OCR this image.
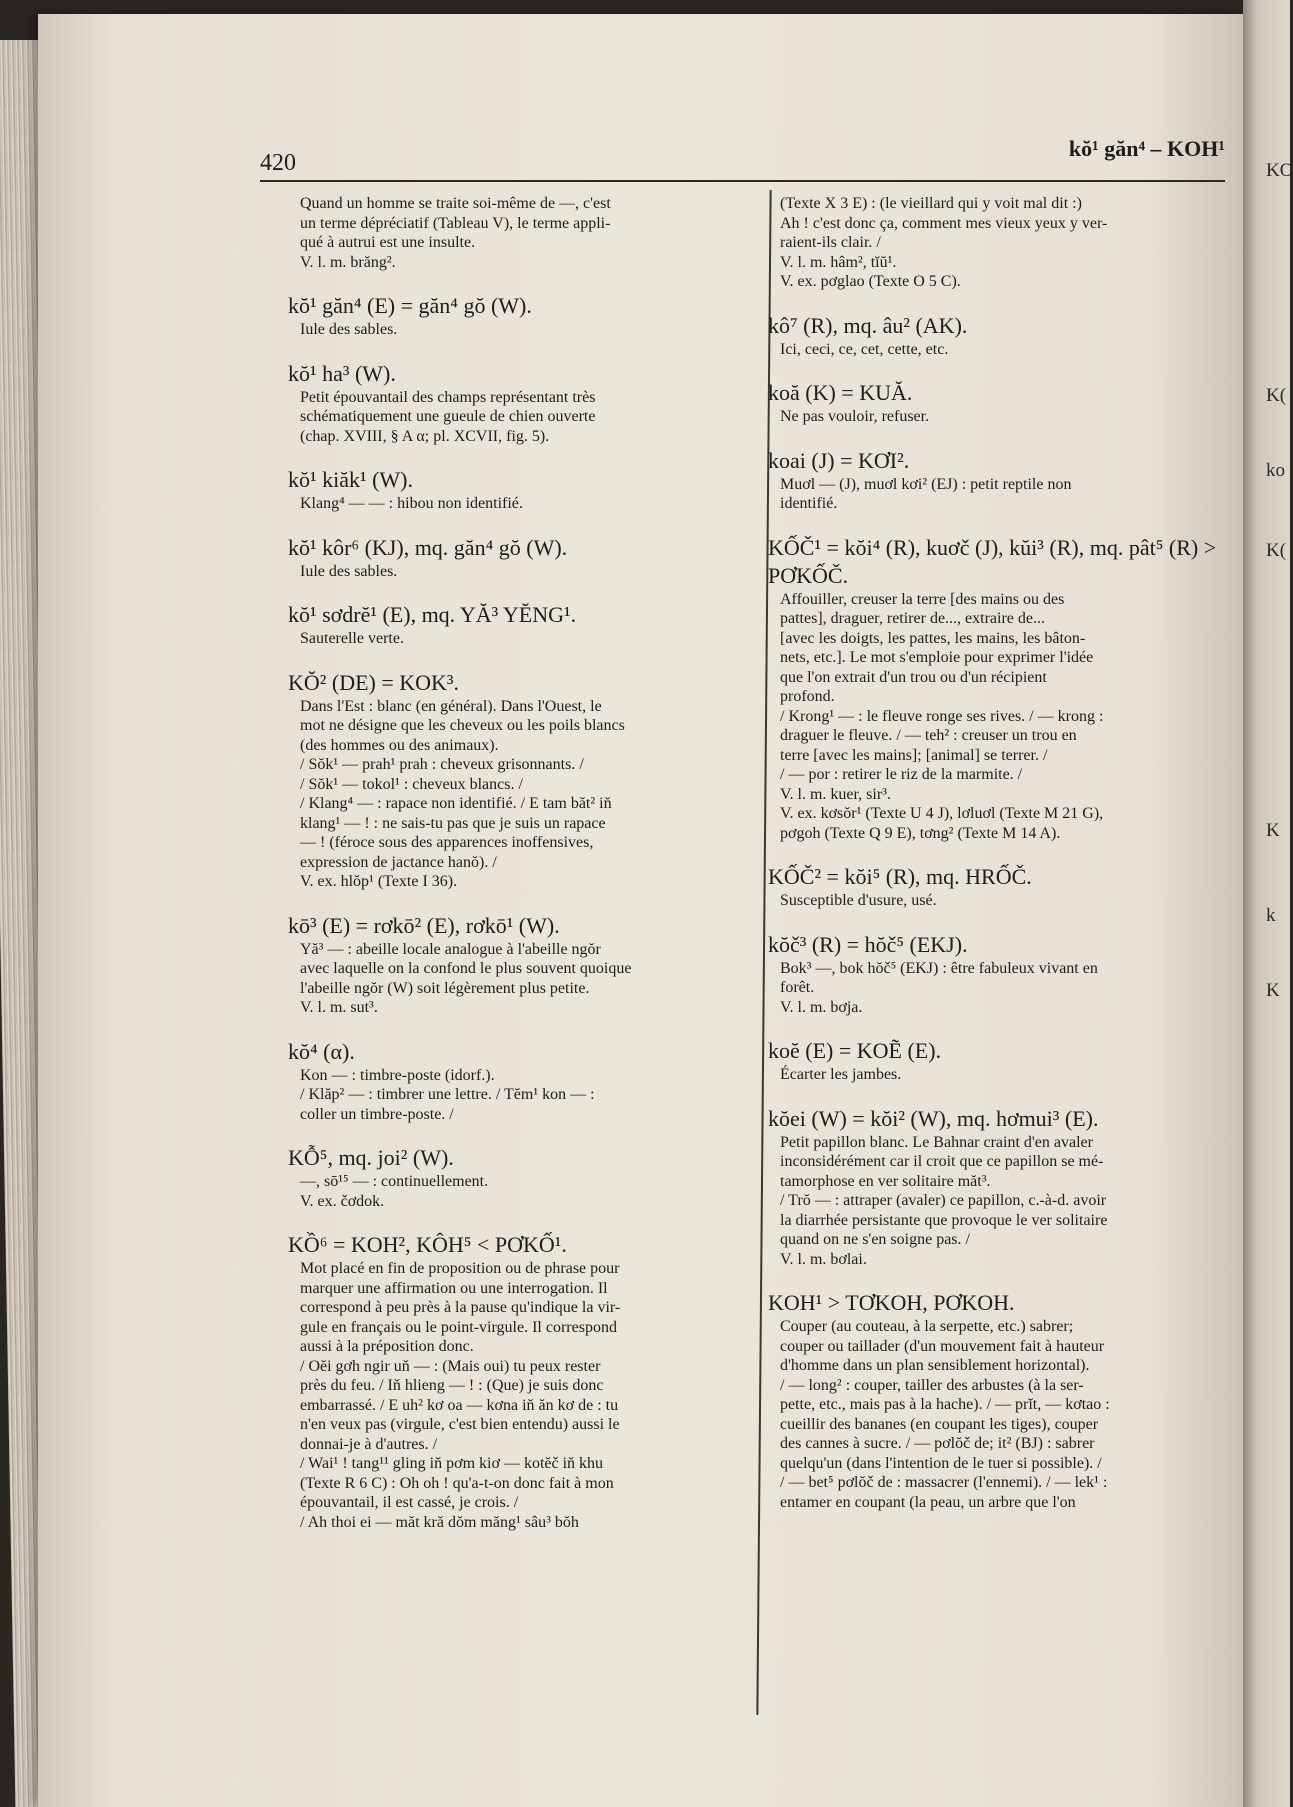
KO
K(
ko
K(
K
k
K
420
kŏ¹ găn⁴ – KOH¹
Quand un homme se traite soi-même de —, c'est
un terme dépréciatif (Tableau V), le terme appli-
qué à autrui est une insulte.
V. l. m. brăng².
kŏ¹ găn⁴ (E) = găn⁴ gŏ (W).
Iule des sables.
kŏ¹ ha³ (W).
Petit épouvantail des champs représentant très
schématiquement une gueule de chien ouverte
(chap. XVIII, § A α; pl. XCVII, fig. 5).
kŏ¹ kiăk¹ (W).
Klang⁴ — — : hibou non identifié.
kŏ¹ kôr⁶ (KJ), mq. găn⁴ gŏ (W).
Iule des sables.
kŏ¹ sơdrĕ¹ (E), mq. YĂ³ YĔNG¹.
Sauterelle verte.
KŎ² (DE) = KOK³.
Dans l'Est : blanc (en général). Dans l'Ouest, le
mot ne désigne que les cheveux ou les poils blancs
(des hommes ou des animaux).
/ Sŏk¹ — prah¹ prah : cheveux grisonnants. /
/ Sŏk¹ — tokol¹ : cheveux blancs. /
/ Klang⁴ — : rapace non identifié. / E tam băt² iň
klang¹ — ! : ne sais-tu pas que je suis un rapace
— ! (féroce sous des apparences inoffensives,
expression de jactance hanŏ). /
V. ex. hlŏp¹ (Texte I 36).
kō³ (E) = rơkō² (E), rơkō¹ (W).
Yă³ — : abeille locale analogue à l'abeille ngŏr
avec laquelle on la confond le plus souvent quoique
l'abeille ngŏr (W) soit légèrement plus petite.
V. l. m. sut³.
kŏ⁴ (α).
Kon — : timbre-poste (idorf.).
/ Klăp² — : timbrer une lettre. / Tĕm¹ kon — :
coller un timbre-poste. /
KỖ⁵, mq. joi² (W).
—, sō¹⁵ — : continuellement.
V. ex. čơdok.
KỒ⁶ = KOH², KÔH⁵ < PƠKỐ¹.
Mot placé en fin de proposition ou de phrase pour
marquer une affirmation ou une interrogation. Il
correspond à peu près à la pause qu'indique la vir-
gule en français ou le point-virgule. Il correspond
aussi à la préposition donc.
/ Oĕi gơh ngir uň — : (Mais oui) tu peux rester
près du feu. / Iň hlieng — ! : (Que) je suis donc
embarrassé. / E uh² kơ oa — kơna iň ăn kơ de : tu
n'en veux pas (virgule, c'est bien entendu) aussi le
donnai-je à d'autres. /
/ Wai¹ ! tang¹¹ gling iň pơm kiơ — kotĕč iň khu
(Texte R 6 C) : Oh oh ! qu'a-t-on donc fait à mon
épouvantail, il est cassé, je crois. /
/ Ah thoi ei — măt kră dŏm măng¹ sâu³ bŏh
(Texte X 3 E) : (le vieillard qui y voit mal dit :)
Ah ! c'est donc ça, comment mes vieux yeux y ver-
raient-ils clair. /
V. l. m. hâm², tĭŭ¹.
V. ex. pơglao (Texte O 5 C).
kô⁷ (R), mq. âu² (AK).
Ici, ceci, ce, cet, cette, etc.
koă (K) = KUĂ.
Ne pas vouloir, refuser.
koai (J) = KƠI².
Muơl — (J), muơl kơi² (EJ) : petit reptile non
identifié.
KỐČ¹ = kŏi⁴ (R), kuơč (J), kŭi³ (R), mq. pât⁵ (R) > PƠKỐČ.
Affouiller, creuser la terre [des mains ou des
pattes], draguer, retirer de..., extraire de...
[avec les doigts, les pattes, les mains, les bâton-
nets, etc.]. Le mot s'emploie pour exprimer l'idée
que l'on extrait d'un trou ou d'un récipient
profond.
/ Krong¹ — : le fleuve ronge ses rives. / — krong :
draguer le fleuve. / — teh² : creuser un trou en
terre [avec les mains]; [animal] se terrer. /
/ — por : retirer le riz de la marmite. /
V. l. m. kuer, sir³.
V. ex. kơsŏr¹ (Texte U 4 J), lơluơl (Texte M 21 G),
pơgoh (Texte Q 9 E), tơng² (Texte M 14 A).
KỐČ² = kŏi⁵ (R), mq. HRỐČ.
Susceptible d'usure, usé.
kŏč³ (R) = hŏč⁵ (EKJ).
Bok³ —, bok hŏč⁵ (EKJ) : être fabuleux vivant en
forêt.
V. l. m. bơja.
koĕ (E) = KOẼ (E).
Écarter les jambes.
kŏei (W) = kŏi² (W), mq. hơmui³ (E).
Petit papillon blanc. Le Bahnar craint d'en avaler
inconsidérément car il croit que ce papillon se mé-
tamorphose en ver solitaire măt³.
/ Trŏ — : attraper (avaler) ce papillon, c.-à-d. avoir
la diarrhée persistante que provoque le ver solitaire
quand on ne s'en soigne pas. /
V. l. m. bơlai.
KOH¹ > TƠKOH, PƠKOH.
Couper (au couteau, à la serpette, etc.) sabrer;
couper ou taillader (d'un mouvement fait à hauteur
d'homme dans un plan sensiblement horizontal).
/ — long² : couper, tailler des arbustes (à la ser-
pette, etc., mais pas à la hache). / — prĭt, — kơtao :
cueillir des bananes (en coupant les tiges), couper
des cannes à sucre. / — pơlŏč de; it² (BJ) : sabrer
quelqu'un (dans l'intention de le tuer si possible). /
/ — bet⁵ pơlŏč de : massacrer (l'ennemi). / — lek¹ :
entamer en coupant (la peau, un arbre que l'on
